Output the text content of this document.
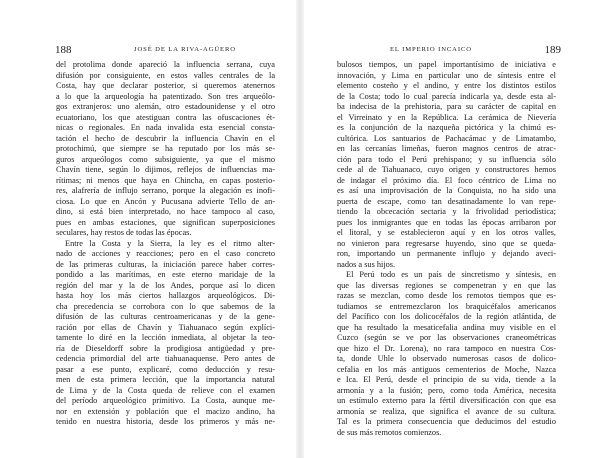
188	JOSÉ DE LA RIVA-AGÜERO
del protolima donde apareció la influencia serrana, cuya
difusión por consiguiente, en estos valles centrales de la
Costa, hay que declarar posterior, si queremos atenernos
a lo que la arqueología ha patentizado. Son tres arqueólo-
gos extranjeros: uno alemán, otro estadounidense y el otro
ecuatoriano, los que atestiguan contra las ofuscaciones ét-
nicas o regionales. En nada invalida esta esencial consta-
tación el hecho de descubrir la influencia Chavín en el
protochimú, que siempre se ha reputado por los más se-
guros arqueólogos como subsiguiente, ya que el mismo
Chavín tiene, según lo dijimos, reflejos de influencias ma-
rítimas; ni menos que haya en Chincha, en capas posterio-
res, alafrería de influjo serrano, porque la alegación es inofi-
ciosa. Lo que en Ancón y Pucusana advierte Tello de an-
dino, si está bien interpretado, no hace tampoco al caso,
pues en ambas estaciones, que significan superposiciones
seculares, hay restos de todas las épocas.
Entre la Costa y la Sierra, la ley es el ritmo alter-
nado de acciones y reacciones; pero en el caso concreto
de las primeras culturas, la iniciación parece haber corres-
pondido a las marítimas, en este eterno maridaje de la
región del mar y la de los Andes, porque así lo dicen
hasta hoy los más ciertos hallazgos arqueológicos. Di-
cha precedencia se corrobora con lo que sabemos de la
difusión de las culturas centroamericanas y de la gene-
ración por ellas de Chavín y Tiahuanaco según explíci-
tamente lo diré en la lección inmediata, al objetar la teo-
ría de Dieseldorff sobre la prodigiosa antigüedad y pre-
cedencia primordial del arte tiahuanaquense. Pero antes de
pasar a ese punto, explicaré, como deducción y resu-
men de esta primera lección, que la importancia natural
de Lima y de la Costa queda de relieve con el examen
del período arqueológico primitivo. La Costa, aunque me-
nor en extensión y población que el macizo andino, ha
tenido en nuestra historia, desde los primeros y más ne-
EL IMPERIO INCAICO	189
bulosos tiempos, un papel importantísimo de iniciativa e
innovación, y Lima en particular uno de síntesis entre el
elemento costeño y el andino, y entre los distintos estilos
de la Costa; todo lo cual parecía indicarla ya, desde esta al-
ba indecisa de la prehistoria, para su carácter de capital en
el Virreinato y en la República. La cerámica de Nievería
es la conjunción de la nazqueña pictórica y la chimú es-
cultórica. Los santuarios de Pachacámac y de Limatambo,
en las cercanías limeñas, fueron magnos centros de atrac-
ción para todo el Perú prehispano; y su influencia sólo
cede al de Tiahuanaco, cuyo origen y constructores hemos
de indagar el próximo día. El foco céntrico de Lima no
es así una improvisación de la Conquista, no ha sido una
puerta de escape, como tan desatinadamente lo van repe-
tiendo la obcecación sectaria y la frivolidad periodística;
pues los inmigrantes que en todas las épocas arribaron por
el litoral, y se establecieron aquí y en los otros valles,
no vinieron para regresarse huyendo, sino que se queda-
ron, importando un permanente influjo y dejando aveci-
nados a sus hijos.
El Perú todo es un país de sincretismo y síntesis, en
que las diversas regiones se compenetran y en que las
razas se mezclan, como desde los remotos tiempos que es-
tudiamos se entremezclaron los braquicéfalos americanos
del Pacífico con los dolicocéfalos de la región atlántida, de
que ha resultado la mesaticefalia andina muy visible en el
Cuzco (según se ve por las observaciones craneométricas
que hizo el Dr. Lorena), no rara tampoco en nuestra Cos-
ta, donde Uhle lo observado numerosas casos de dolico-
cefalia en los más antiguos cementerios de Moche, Nazca
e Ica. El Perú, desde el principio de su vida, tiende a la
armonía y a la fusión; pero, como toda América, necesita
un estímulo externo para la fértil diversificación con que esa
armonía se realiza, que significa el avance de su cultura.
Tal es la primera consecuencia que deducimos del estudio
de sus más remotos comienzos.
